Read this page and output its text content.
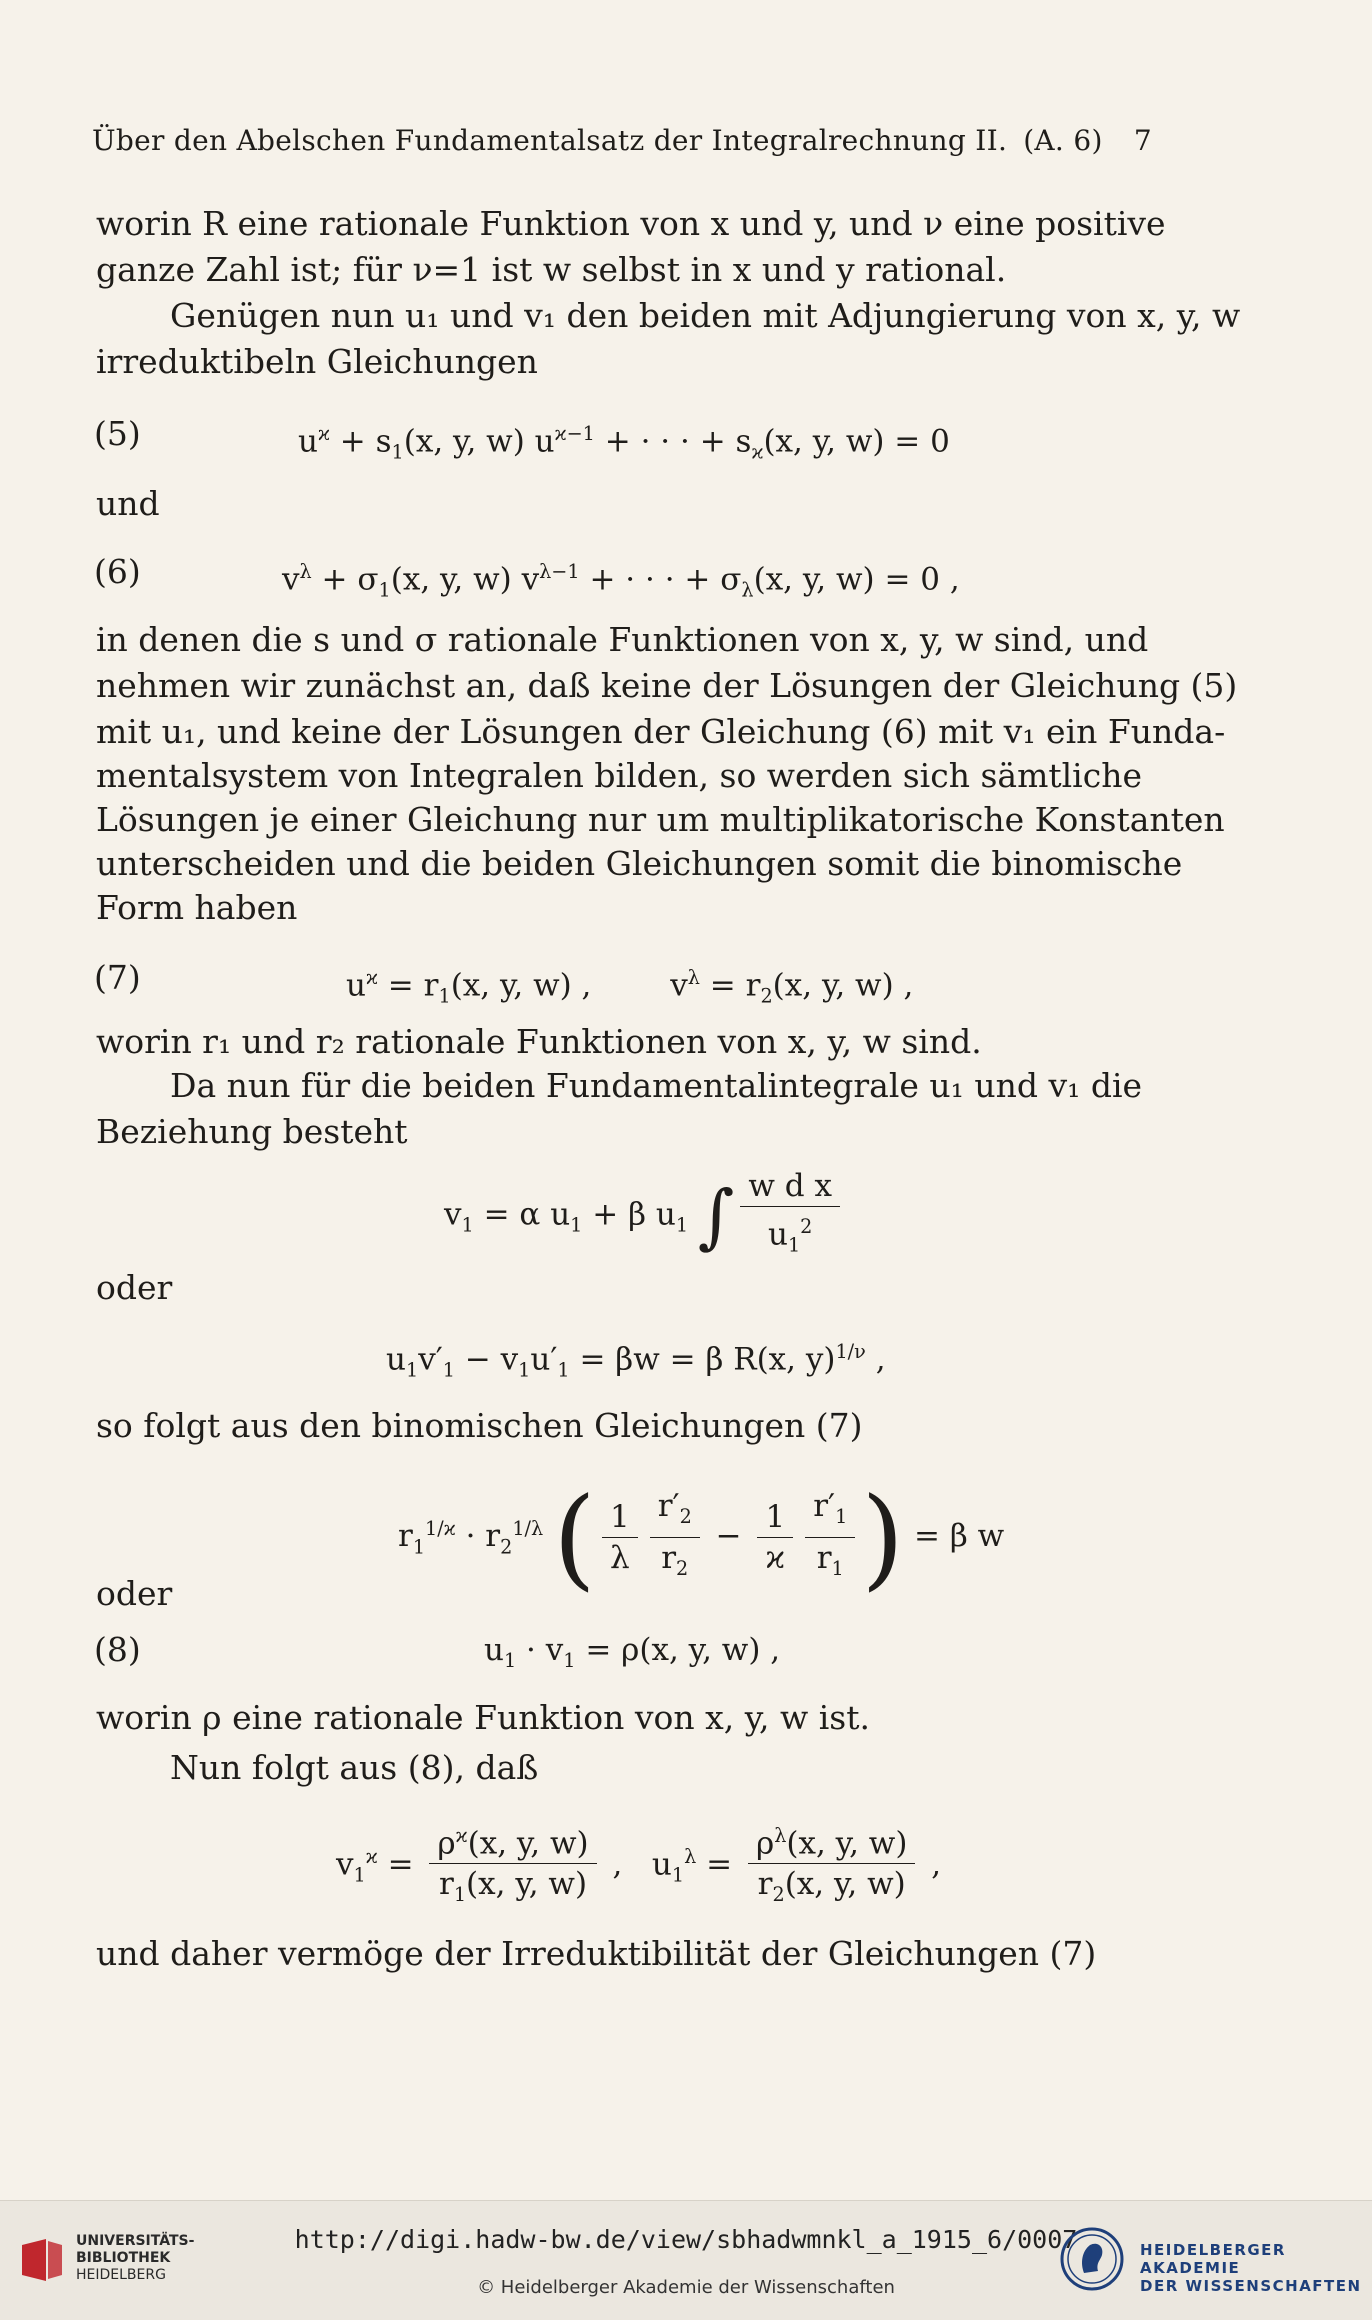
Über den Abelschen Fundamentalsatz der Integralrechnung II. (A. 6) 7
worin R eine rationale Funktion von x und y, und ν eine positive
ganze Zahl ist; für ν=1 ist w selbst in x und y rational.
Genügen nun u₁ und v₁ den beiden mit Adjungierung von x, y, w
irreduktibeln Gleichungen
(5)	$u^ϰ + s_1(x$, y, w) $u^{ϰ-1}$ + · · · + $s_ϰ(x$, y, w) = 0
und
(6)	$v^\lambda + \sigma_1(x$, y, w) $v^{\lambda-1}$ + · · · + $\sigma_\lambda(x$, y, w) = 0 ,
in denen die s und σ rationale Funktionen von x, y, w sind, und
nehmen wir zunächst an, daß keine der Lösungen der Gleichung (5)
mit u₁, und keine der Lösungen der Gleichung (6) mit v₁ ein Funda-
mentalsystem von Integralen bilden, so werden sich sämtliche
Lösungen je einer Gleichung nur um multiplikatorische Konstanten
unterscheiden und die beiden Gleichungen somit die binomische
Form haben
(7)	$u^ϰ = r_1(x$, y, w) ,        $v^\lambda = r_2(x$, y, w) ,
worin r₁ und r₂ rationale Funktionen von x, y, w sind.
Da nun für die beiden Fundamentalintegrale u₁ und v₁ die
Beziehung besteht
$v_1 = \alpha$ $u_1 + \beta$ $u_1$ ∫ $\frac{\text{w d x}}{u_1^2}$
oder
$u_1v'_1 - v_1u'_1 = \beta w = \beta$ R(x, y)$^{1/\nu}$ ,
so folgt aus den binomischen Gleichungen (7)
$r_1^{1/ϰ} \cdot r_2^{1/\lambda}$ ( $\frac{1}{\lambda} \frac{r'_2}{r_2} - \frac{1}{ϰ} \frac{r'_1}{r_1}$ ) = β w
oder
(8)	$u_1 \cdot v_1 = \rho(x$, y, w) ,
worin ρ eine rationale Funktion von x, y, w ist.
Nun folgt aus (8), daß
$v_1^ϰ = \frac{\rho^ϰ(x, y, w)}{r_1(x, y, w)}$ ,   $u_1^\lambda = \frac{\rho^\lambda(x, y, w)}{r_2(x, y, w)}$ ,
und daher vermöge der Irreduktibilität der Gleichungen (7)
UNIVERSITÄTS-
BIBLIOTHEK
HEIDELBERG
http://digi.hadw-bw.de/view/sbhadwmnkl_a_1915_6/0007
© Heidelberger Akademie der Wissenschaften
HEIDELBERGER AKADEMIE
DER WISSENSCHAFTEN
